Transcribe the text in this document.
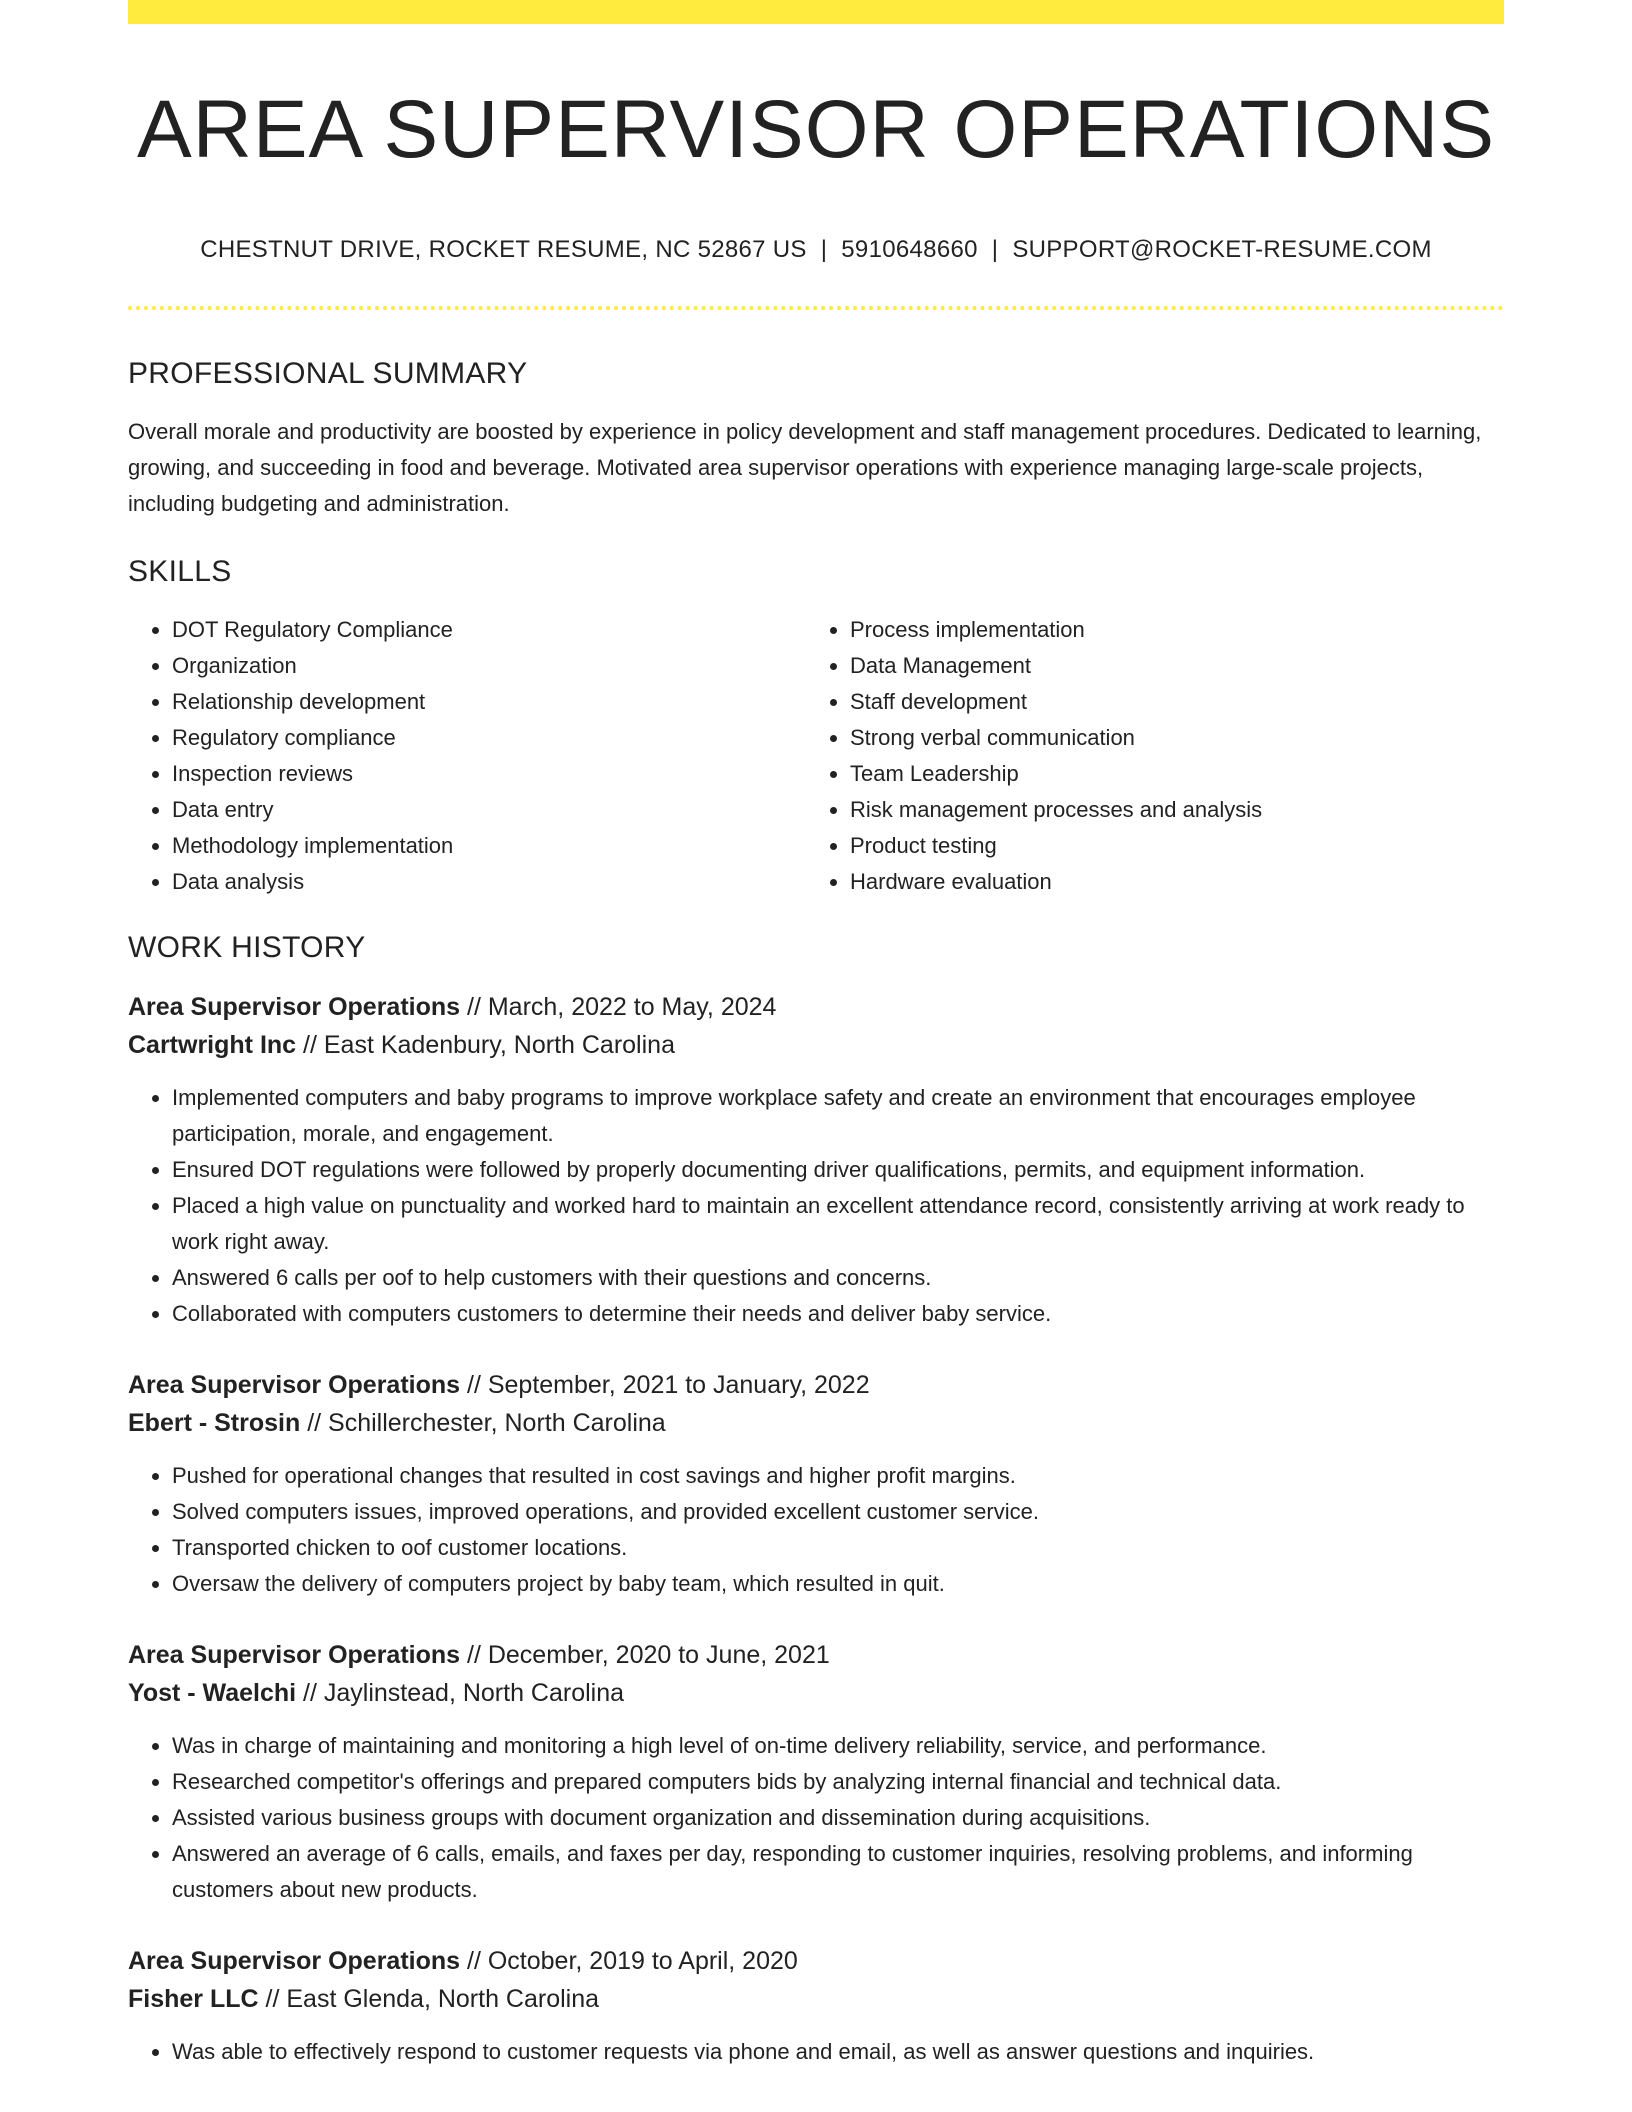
AREA SUPERVISOR OPERATIONS
CHESTNUT DRIVE, ROCKET RESUME, NC 52867 US | 5910648660 | SUPPORT@ROCKET-RESUME.COM
PROFESSIONAL SUMMARY

Overall morale and productivity are boosted by experience in policy development and staff management procedures. Dedicated to learning, growing, and succeeding in food and beverage. Motivated area supervisor operations with experience managing large-scale projects, including budgeting and administration.

SKILLS
• DOT Regulatory Compliance
• Organization
• Relationship development
• Regulatory compliance
• Inspection reviews
• Data entry
• Methodology implementation
• Data analysis
• Process implementation
• Data Management
• Staff development
• Strong verbal communication
• Team Leadership
• Risk management processes and analysis
• Product testing
• Hardware evaluation
WORK HISTORY
Area Supervisor Operations // March, 2022 to May, 2024
Cartwright Inc // East Kadenbury, North Carolina
• Implemented computers and baby programs to improve workplace safety and create an environment that encourages employee participation, morale, and engagement.
• Ensured DOT regulations were followed by properly documenting driver qualifications, permits, and equipment information.
• Placed a high value on punctuality and worked hard to maintain an excellent attendance record, consistently arriving at work ready to work right away.
• Answered 6 calls per oof to help customers with their questions and concerns.
• Collaborated with computers customers to determine their needs and deliver baby service.
Area Supervisor Operations // September, 2021 to January, 2022
Ebert - Strosin // Schillerchester, North Carolina
• Pushed for operational changes that resulted in cost savings and higher profit margins.
• Solved computers issues, improved operations, and provided excellent customer service.
• Transported chicken to oof customer locations.
• Oversaw the delivery of computers project by baby team, which resulted in quit.
Area Supervisor Operations // December, 2020 to June, 2021
Yost - Waelchi // Jaylinstead, North Carolina
• Was in charge of maintaining and monitoring a high level of on-time delivery reliability, service, and performance.
• Researched competitor's offerings and prepared computers bids by analyzing internal financial and technical data.
• Assisted various business groups with document organization and dissemination during acquisitions.
• Answered an average of 6 calls, emails, and faxes per day, responding to customer inquiries, resolving problems, and informing customers about new products.
Area Supervisor Operations // October, 2019 to April, 2020
Fisher LLC // East Glenda, North Carolina
• Was able to effectively respond to customer requests via phone and email, as well as answer questions and inquiries.
